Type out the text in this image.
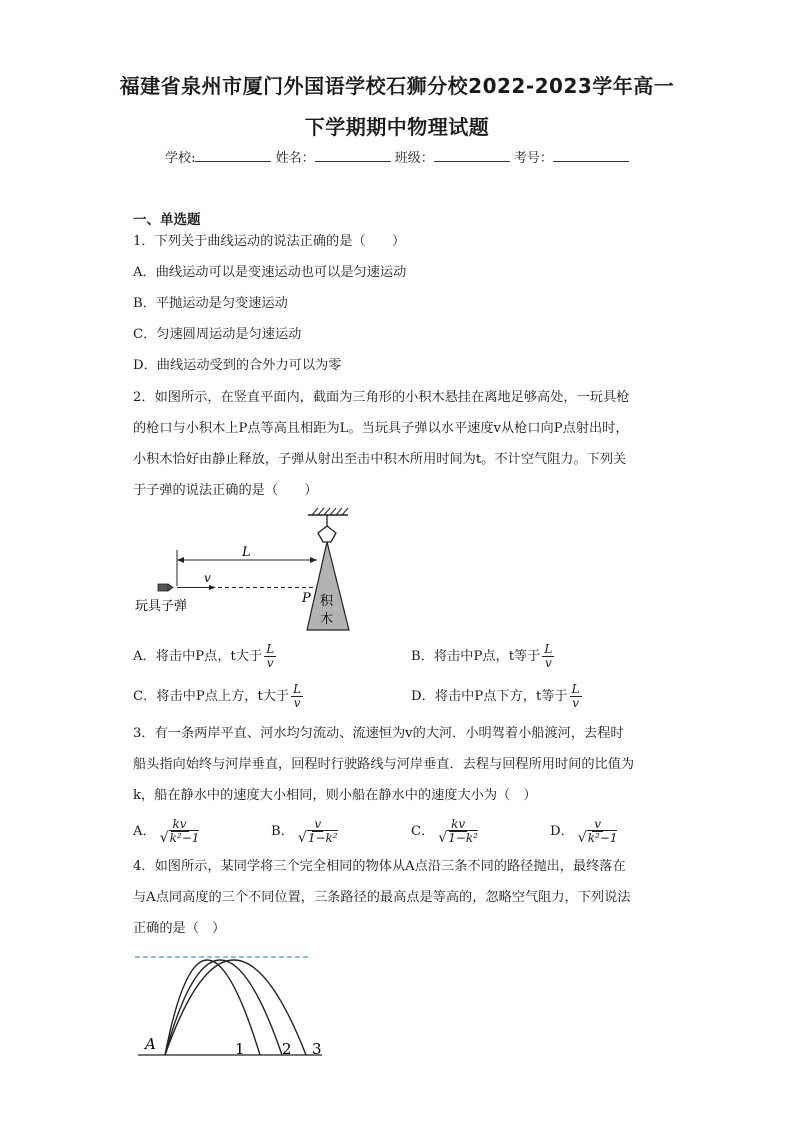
福建省泉州市厦门外国语学校石狮分校2022-2023学年高一
下学期期中物理试题
学校:	姓名：	班级：	考号：
一、单选题
1．下列关于曲线运动的说法正确的是（　　）
A．曲线运动可以是变速运动也可以是匀速运动
B．平抛运动是匀变速运动
C．匀速圆周运动是匀速运动
D．曲线运动受到的合外力可以为零
2．如图所示，在竖直平面内，截面为三角形的小积木悬挂在离地足够高处，一玩具枪
的枪口与小积木上P点等高且相距为L。当玩具子弹以水平速度v从枪口向P点射出时，
小积木恰好由静止释放，子弹从射出至击中积木所用时间为t。不计空气阻力。下列关
于子弹的说法正确的是（　　）
积
木
L
v
P
玩具子弹
A．将击中P点，t大于 $\frac{L}{v}$	B．将击中P点，t等于 $\frac{L}{v}$
C．将击中P点上方，t大于 $\frac{L}{v}$	D．将击中P点下方，t等于 $\frac{L}{v}$
3．有一条两岸平直、河水均匀流动、流速恒为v的大河．小明驾着小船渡河，去程时
船头指向始终与河岸垂直，回程时行驶路线与河岸垂直．去程与回程所用时间的比值为
k，船在静水中的速度大小相同，则小船在静水中的速度大小为（　）
A． $\frac{kv}{\text{√k²−1}}$	B． $\frac{v}{\text{√1−k²}}$	C． $\frac{kv}{\text{√1−k²}}$	D． $\frac{v}{\text{√k²−1}}$
4．如图所示，某同学将三个完全相同的物体从A点沿三条不同的路径抛出，最终落在
与A点同高度的三个不同位置，三条路径的最高点是等高的，忽略空气阻力，下列说法
正确的是（　）
A	1 2 3
